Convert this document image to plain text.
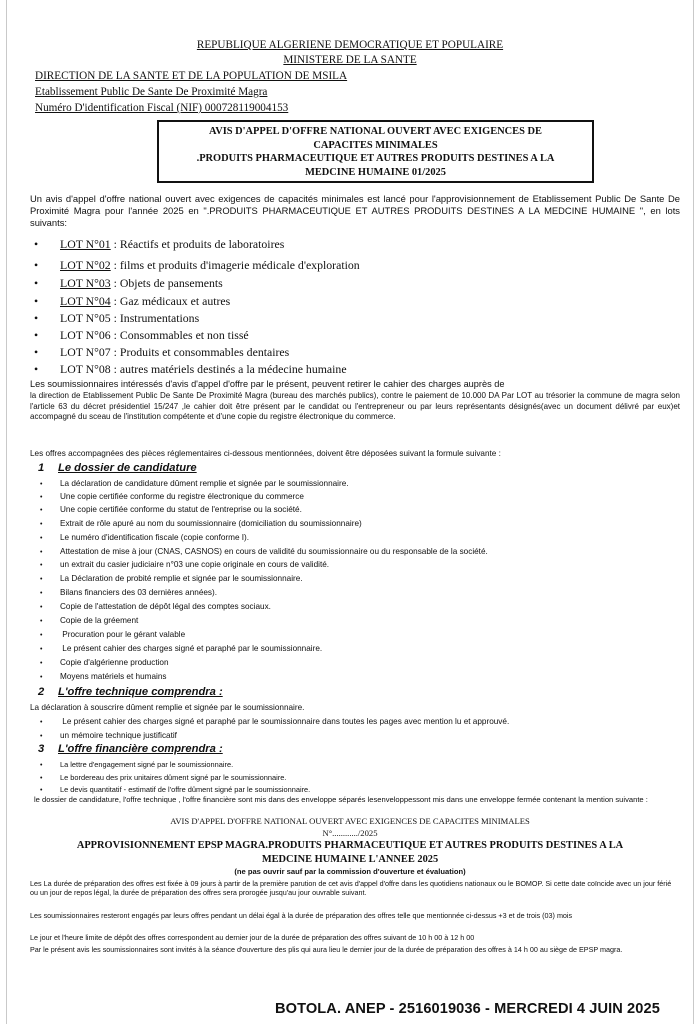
REPUBLIQUE ALGERIENE DEMOCRATIQUE ET POPULAIRE
MINISTERE DE LA SANTE
DIRECTION DE LA SANTE ET DE LA POPULATION DE MSILA
Etablissement Public De Sante De Proximité Magra
Numéro D'identification Fiscal (NIF) 000728119004153
AVIS D'APPEL D'OFFRE NATIONAL OUVERT AVEC EXIGENCES DE
CAPACITES MINIMALES
.PRODUITS PHARMACEUTIQUE ET AUTRES PRODUITS DESTINES A LA
MEDCINE HUMAINE 01/2025
Un avis d'appel d'offre national ouvert avec exigences de capacités minimales est lancé pour l'approvisionnement de Etablissement Public De Sante De Proximité Magra pour l'année 2025 en ".PRODUITS PHARMACEUTIQUE ET AUTRES PRODUITS DESTINES A LA MEDCINE HUMAINE ", en lots suivants:
• LOT N°01 : Réactifs et produits de laboratoires
• LOT N°02 : films et produits d'imagerie médicale d'exploration
• LOT N°03 : Objets de pansements
• LOT N°04 : Gaz médicaux et autres
• LOT N°05 : Instrumentations
• LOT N°06 : Consommables et non tissé
• LOT N°07 : Produits et consommables dentaires
• LOT N°08 : autres matériels destinés a la médecine humaine
Les soumissionnaires intéressés d'avis d'appel d'offre par le présent, peuvent retirer le cahier des charges auprès de
la direction de Etablissement Public De Sante De Proximité Magra (bureau des marchés publics), contre le paiement de 10.000 DA Par LOT au trésorier la commune de magra selon l'article 63 du décret présidentiel 15/247 ,le cahier doit être présent par le candidat ou l'entrepreneur ou par leurs représentants désignés(avec un document délivré par eux)et accompagné du sceau de l'institution compétente et d'une copie du registre électronique du commerce.
Les offres accompagnées des pièces réglementaires ci-dessous mentionnées, doivent être déposées suivant la formule suivante :
1 Le dossier de candidature
• La déclaration de candidature dûment remplie et signée par le soumissionnaire.
• Une copie certifiée conforme du registre électronique du commerce
• Une copie certifiée conforme du statut de l'entreprise ou la société.
• Extrait de rôle apuré au nom du soumissionnaire (domiciliation du soumissionnaire)
• Le numéro d'identification fiscale (copie conforme I).
• Attestation de mise à jour (CNAS, CASNOS) en cours de validité du soumissionnaire ou du responsable de la société.
• un extrait du casier judiciaire n°03 une copie originale en cours de validité.
• La Déclaration de probité remplie et signée par le soumissionnaire.
• Bilans financiers des 03 dernières années).
• Copie de l'attestation de dépôt légal des comptes sociaux.
• Copie de la gréement
• Procuration pour le gérant valable
• Le présent cahier des charges signé et paraphé par le soumissionnaire.
• Copie d'algérienne production
• Moyens matériels et humains
2 L'offre technique comprendra :
La déclaration à souscrire dûment remplie et signée par le soumissionnaire.
• Le présent cahier des charges signé et paraphé par le soumissionnaire dans toutes les pages avec mention lu et approuvé.
• un mémoire technique justificatif
3 L'offre financière comprendra :
• La lettre d'engagement signé par le soumissionnaire.
• Le bordereau des prix unitaires dûment signé par le soumissionnaire.
• Le devis quantitatif - estimatif de l'offre dûment signé par le soumissionnaire.
le dossier de candidature, l'offre technique , l'offre financière sont mis dans des enveloppe séparés lesenveloppessont mis dans une enveloppe fermée contenant la mention suivante :
AVIS D'APPEL D'OFFRE NATIONAL OUVERT AVEC EXIGENCES DE CAPACITES MINIMALES
N°............/2025
APPROVISIONNEMENT EPSP MAGRA.PRODUITS PHARMACEUTIQUE ET AUTRES PRODUITS DESTINES A LA
MEDCINE HUMAINE L'ANNEE 2025
(ne pas ouvrir sauf par la commission d'ouverture et évaluation)
Les La durée de préparation des offres est fixée à 09 jours à partir de la première parution de cet avis d'appel d'offre dans les quotidiens nationaux ou le BOMOP. Si cette date coïncide avec un jour férié ou un jour de repos légal, la durée de préparation des offres sera prorogée jusqu'au jour ouvrable suivant.
Les soumissionnaires resteront engagés par leurs offres pendant un délai égal à la durée de préparation des offres telle que mentionnée ci-dessus +3 et de trois (03) mois
Le jour et l'heure limite de dépôt des offres correspondent au dernier jour de la durée de préparation des offres suivant de 10 h 00 à 12 h 00
Par le présent avis les soumissionnaires sont invités à la séance d'ouverture des plis qui aura lieu le dernier jour de la durée de préparation des offres à 14 h 00 au siège de EPSP magra.
BOTOLA. ANEP - 2516019036 - MERCREDI 4 JUIN 2025
